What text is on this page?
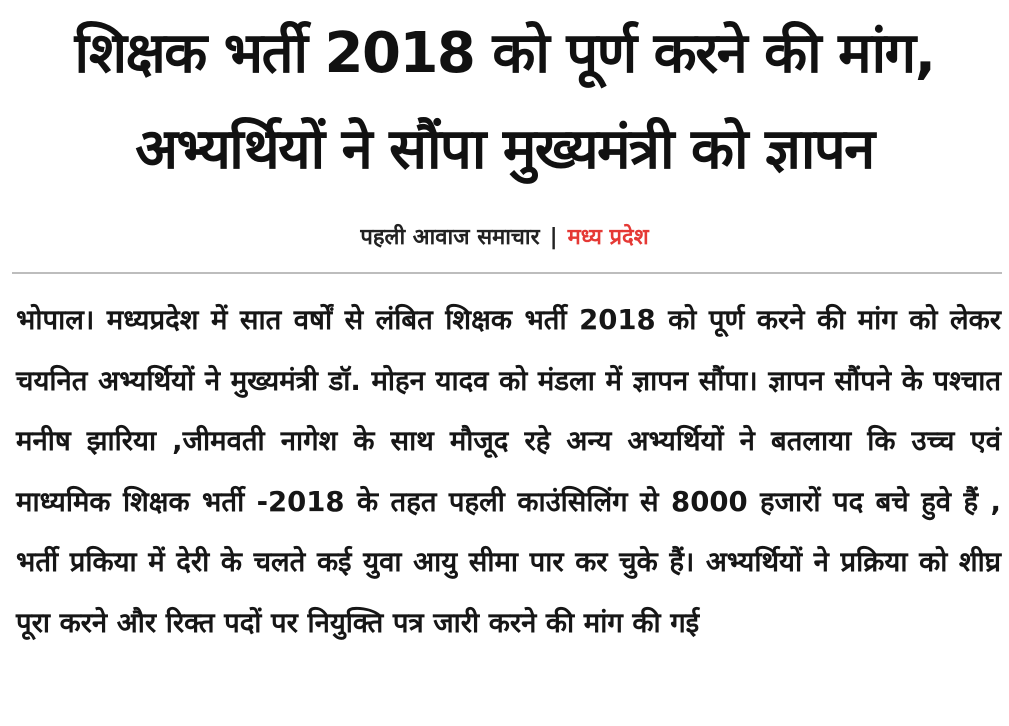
शिक्षक भर्ती 2018 को पूर्ण करने की मांग,
अभ्यर्थियों ने सौंपा मुख्यमंत्री को ज्ञापन
पहली आवाज समाचार | मध्य प्रदेश

भोपाल। मध्यप्रदेश में सात वर्षों से लंबित शिक्षक भर्ती 2018 को पूर्ण करने की मांग को लेकर चयनित अभ्यर्थियों ने मुख्यमंत्री डॉ. मोहन यादव को मंडला में ज्ञापन सौंपा। ज्ञापन सौंपने के पश्चात मनीष झारिया ,जीमवती नागेश के साथ मौजूद रहे अन्य अभ्यर्थियों ने बतलाया कि उच्च एवं माध्यमिक शिक्षक भर्ती -2018 के तहत पहली काउंसिलिंग से 8000 हजारों पद बचे हुवे हैं , भर्ती प्रकिया में देरी के चलते कई युवा आयु सीमा पार कर चुके हैं। अभ्यर्थियों ने प्रक्रिया को शीघ्र पूरा करने और रिक्त पदों पर नियुक्ति पत्र जारी करने की मांग की गई
